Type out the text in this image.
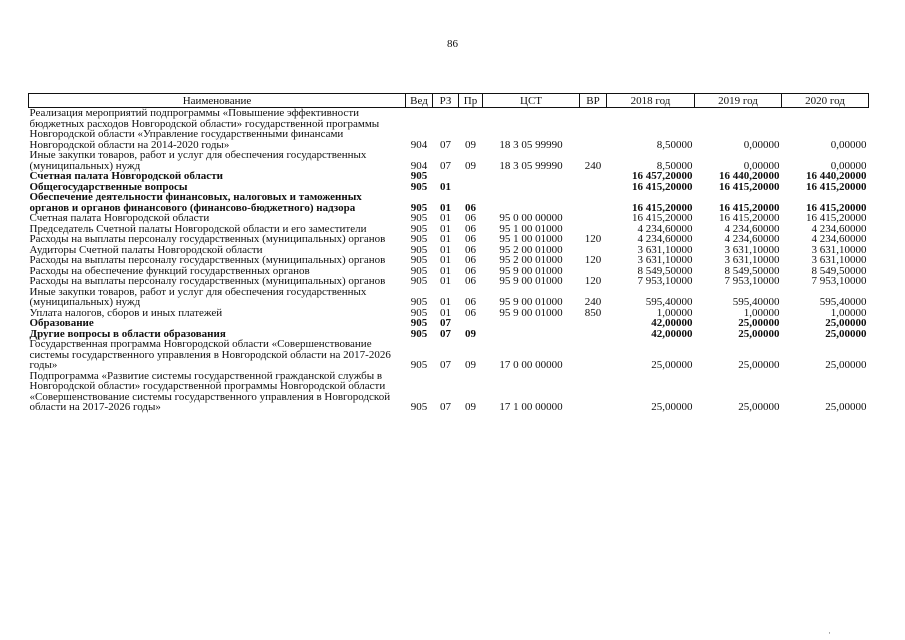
86
Наименование	Вед	РЗ	Пр	ЦСТ	ВР	2018 год	2019 год	2020 год
Реализация мероприятий подпрограммы «Повышение эффективности бюджетных расходов Новгородской области» государственной программы Новгородской области «Управление государственными финансами Новгородской области на 2014-2020 годы»	904	07	09	18 3 05 99990		8,50000	0,00000	0,00000
Иные закупки товаров, работ и услуг для обеспечения государственных (муниципальных) нужд	904	07	09	18 3 05 99990	240	8,50000	0,00000	0,00000
Счетная палата Новгородской области	905					16 457,20000	16 440,20000	16 440,20000
Общегосударственные вопросы	905	01				16 415,20000	16 415,20000	16 415,20000
Обеспечение деятельности финансовых, налоговых и таможенных органов и органов финансового (финансово-бюджетного) надзора	905	01	06			16 415,20000	16 415,20000	16 415,20000
Счетная палата Новгородской области	905	01	06	95 0 00 00000		16 415,20000	16 415,20000	16 415,20000
Председатель Счетной палаты Новгородской области и его заместители	905	01	06	95 1 00 01000		4 234,60000	4 234,60000	4 234,60000
Расходы на выплаты персоналу государственных (муниципальных) органов	905	01	06	95 1 00 01000	120	4 234,60000	4 234,60000	4 234,60000
Аудиторы Счетной палаты Новгородской области	905	01	06	95 2 00 01000		3 631,10000	3 631,10000	3 631,10000
Расходы на выплаты персоналу государственных (муниципальных) органов	905	01	06	95 2 00 01000	120	3 631,10000	3 631,10000	3 631,10000
Расходы на обеспечение функций государственных органов	905	01	06	95 9 00 01000		8 549,50000	8 549,50000	8 549,50000
Расходы на выплаты персоналу государственных (муниципальных) органов	905	01	06	95 9 00 01000	120	7 953,10000	7 953,10000	7 953,10000
Иные закупки товаров, работ и услуг для обеспечения государственных (муниципальных) нужд	905	01	06	95 9 00 01000	240	595,40000	595,40000	595,40000
Уплата налогов, сборов и иных платежей	905	01	06	95 9 00 01000	850	1,00000	1,00000	1,00000
Образование	905	07				42,00000	25,00000	25,00000
Другие вопросы в области образования	905	07	09			42,00000	25,00000	25,00000
Государственная программа Новгородской области «Совершенствование системы государственного управления в Новгородской области на 2017-2026 годы»	905	07	09	17 0 00 00000		25,00000	25,00000	25,00000
Подпрограмма «Развитие системы государственной гражданской службы в Новгородской области» государственной программы Новгородской области «Совершенствование системы государственного управления в Новгородской области на 2017-2026 годы»	905	07	09	17 1 00 00000		25,00000	25,00000	25,00000
·
